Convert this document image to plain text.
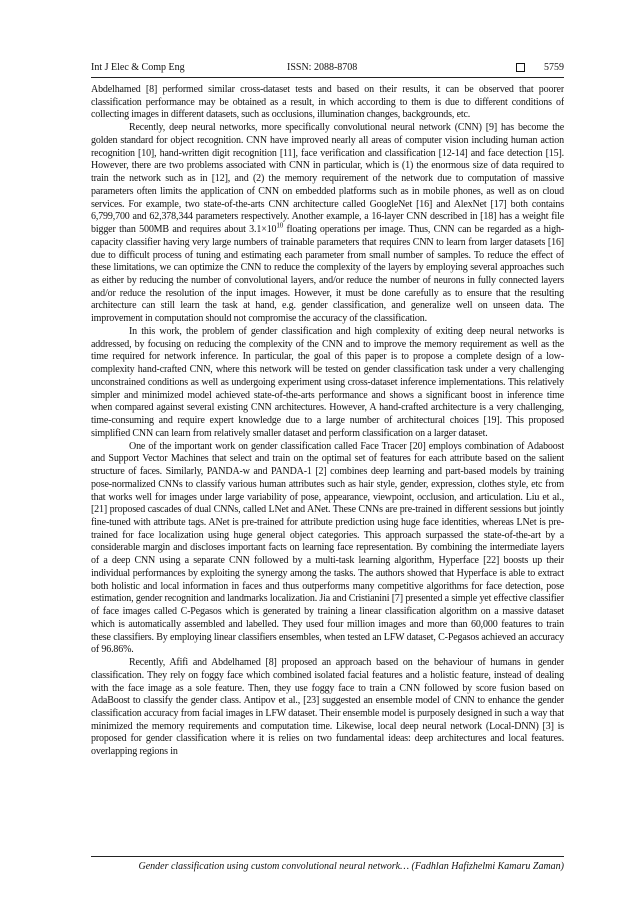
Int J Elec & Comp Eng	ISSN: 2088-8708	5759

Abdelhamed [8] performed similar cross-dataset tests and based on their results, it can be observed that poorer classification performance may be obtained as a result, in which according to them is due to different conditions of collecting images in different datasets, such as occlusions, illumination changes, backgrounds, etc.

Recently, deep neural networks, more specifically convolutional neural network (CNN) [9] has become the golden standard for object recognition. CNN have improved nearly all areas of computer vision including human action recognition [10], hand-written digit recognition [11], face verification and classification [12-14] and face detection [15]. However, there are two problems associated with CNN in particular, which is (1) the enormous size of data required to train the network such as in [12], and (2) the memory requirement of the network due to computation of massive parameters often limits the application of CNN on embedded platforms such as in mobile phones, as well as on cloud services. For example, two state-of-the-arts CNN architecture called GoogleNet [16] and AlexNet [17] both contains 6,799,700 and 62,378,344 parameters respectively. Another example, a 16-layer CNN described in [18] has a weight file bigger than 500MB and requires about $3.1\times 10^{10}$ floating operations per image. Thus, CNN can be regarded as a high-capacity classifier having very large numbers of trainable parameters that requires CNN to learn from larger datasets [16] due to difficult process of tuning and estimating each parameter from small number of samples. To reduce the effect of these limitations, we can optimize the CNN to reduce the complexity of the layers by employing several approaches such as either by reducing the number of convolutional layers, and/or reduce the number of neurons in fully connected layers and/or reduce the resolution of the input images. However, it must be done carefully as to ensure that the resulting architecture can still learn the task at hand, e.g. gender classification, and generalize well on unseen data. The improvement in computation should not compromise the accuracy of the classification.

In this work, the problem of gender classification and high complexity of exiting deep neural networks is addressed, by focusing on reducing the complexity of the CNN and to improve the memory requirement as well as the time required for network inference. In particular, the goal of this paper is to propose a complete design of a low-complexity hand-crafted CNN, where this network will be tested on gender classification task under a very challenging unconstrained conditions as well as undergoing experiment using cross-dataset inference implementations. This relatively simpler and minimized model achieved state-of-the-arts performance and shows a significant boost in inference time when compared against several existing CNN architectures. However, A hand-crafted architecture is a very challenging, time-consuming and require expert knowledge due to a large number of architectural choices [19]. This proposed simplified CNN can learn from relatively smaller dataset and perform classification on a larger dataset.

One of the important work on gender classification called Face Tracer [20] employs combination of Adaboost and Support Vector Machines that select and train on the optimal set of features for each attribute based on the salient structure of faces. Similarly, PANDA-w and PANDA-1 [2] combines deep learning and part-based models by training pose-normalized CNNs to classify various human attributes such as hair style, gender, expression, clothes style, etc from that works well for images under large variability of pose, appearance, viewpoint, occlusion, and articulation. Liu et al., [21] proposed cascades of dual CNNs, called LNet and ANet. These CNNs are pre-trained in different sessions but jointly fine-tuned with attribute tags. ANet is pre-trained for attribute prediction using huge face identities, whereas LNet is pre-trained for face localization using huge general object categories. This approach surpassed the state-of-the-art by a considerable margin and discloses important facts on learning face representation. By combining the intermediate layers of a deep CNN using a separate CNN followed by a multi-task learning algorithm, Hyperface [22] boosts up their individual performances by exploiting the synergy among the tasks. The authors showed that Hyperface is able to extract both holistic and local information in faces and thus outperforms many competitive algorithms for face detection, pose estimation, gender recognition and landmarks localization. Jia and Cristianini [7] presented a simple yet effective classifier of face images called C-Pegasos which is generated by training a linear classification algorithm on a massive dataset which is automatically assembled and labelled. They used four million images and more than 60,000 features to train these classifiers. By employing linear classifiers ensembles, when tested an LFW dataset, C-Pegasos achieved an accuracy of 96.86%.

Recently, Afifi and Abdelhamed [8] proposed an approach based on the behaviour of humans in gender classification. They rely on foggy face which combined isolated facial features and a holistic feature, instead of dealing with the face image as a sole feature. Then, they use foggy face to train a CNN followed by score fusion based on AdaBoost to classify the gender class. Antipov et al., [23] suggested an ensemble model of CNN to enhance the gender classification accuracy from facial images in LFW dataset. Their ensemble model is purposely designed in such a way that minimized the memory requirements and computation time. Likewise, local deep neural network (Local-DNN) [3] is proposed for gender classification where it is relies on two fundamental ideas: deep architectures and local features. overlapping regions in

Gender classification using custom convolutional neural network… (Fadhlan Hafizhelmi Kamaru Zaman)
